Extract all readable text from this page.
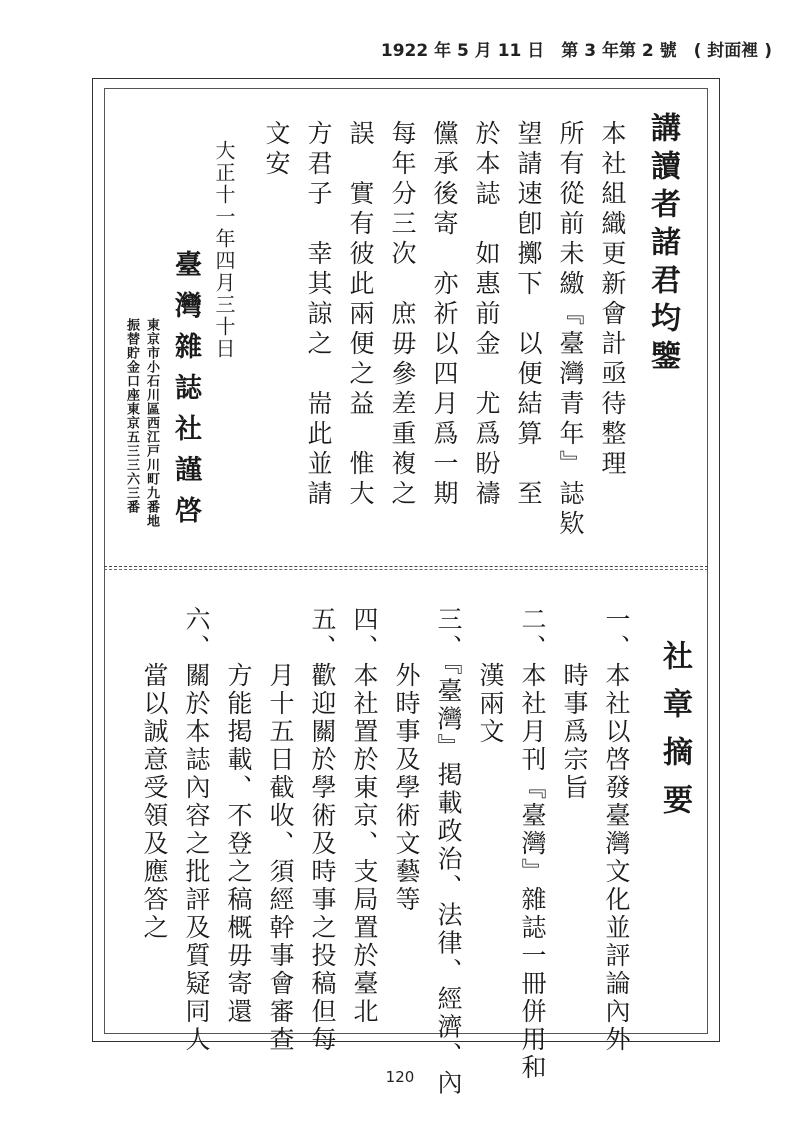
1922 年 5 月 11 日　第 3 年第 2 號　( 封面裡 )
講讀者諸君均鑒
本社組織更新會計亟待整理
所有從前未繳『臺灣青年』誌欵
望請速卽擲下　以便結算　至
於本誌　如惠前金　尤爲盼禱
儻承後寄　亦祈以四月爲一期
每年分三次　庶毋參差重複之
誤　實有彼此兩便之益　惟大
方君子　幸其諒之　耑此並請
文安
大正十一年四月三十日
臺灣雜誌社謹啓
東京市小石川區西江戸川町九番地
振替貯金口座東京五三三六三番
社章摘要
一、本社以啓發臺灣文化並評論內外
　　時事爲宗旨
二、本社月刊『臺灣』雜誌一冊併用和
　　漢兩文
三、『臺灣』掲載政治、法律、經濟、內
　　外時事及學術文藝等
四、本社置於東京、支局置於臺北
五、歡迎關於學術及時事之投稿但每
　　月十五日截收、須經幹事會審查
　　方能掲載、不登之稿概毋寄還
六、關於本誌內容之批評及質疑同人
　　當以誠意受領及應答之
120
